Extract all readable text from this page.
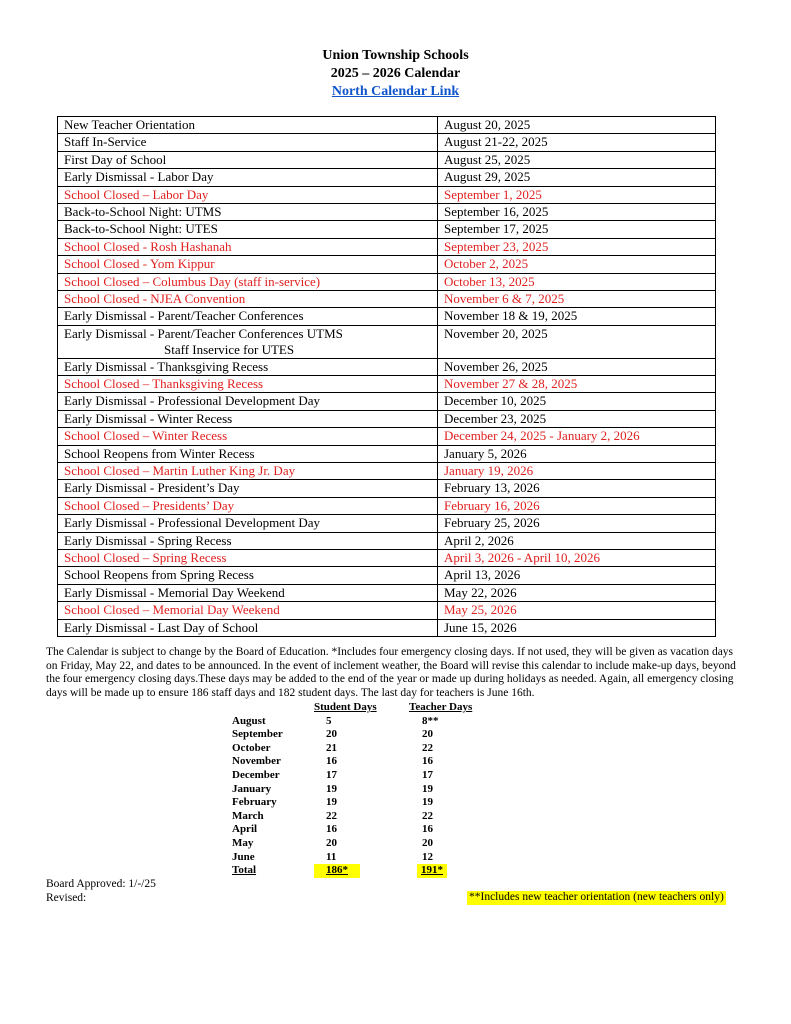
Union Township Schools
2025 – 2026 Calendar
North Calendar Link
New Teacher Orientation	August 20, 2025
Staff In-Service	August 21-22, 2025
First Day of School	August 25, 2025
Early Dismissal - Labor Day	August 29, 2025
School Closed – Labor Day	September 1, 2025
Back-to-School Night: UTMS	September 16, 2025
Back-to-School Night: UTES	September 17, 2025
School Closed - Rosh Hashanah	September 23, 2025
School Closed - Yom Kippur	October 2, 2025
School Closed – Columbus Day (staff in-service)	October 13, 2025
School Closed - NJEA Convention	November 6 & 7, 2025
Early Dismissal - Parent/Teacher Conferences	November 18 & 19, 2025
Early Dismissal - Parent/Teacher Conferences UTMS
Staff Inservice for UTES	November 20, 2025
Early Dismissal - Thanksgiving Recess	November 26, 2025
School Closed – Thanksgiving Recess	November 27 & 28, 2025
Early Dismissal - Professional Development Day	December 10, 2025
Early Dismissal - Winter Recess	December 23, 2025
School Closed – Winter Recess	December 24, 2025 - January 2, 2026
School Reopens from Winter Recess	January 5, 2026
School Closed – Martin Luther King Jr. Day	January 19, 2026
Early Dismissal - President’s Day	February 13, 2026
School Closed – Presidents’ Day	February 16, 2026
Early Dismissal - Professional Development Day	February 25, 2026
Early Dismissal - Spring Recess	April 2, 2026
School Closed – Spring Recess	April 3, 2026 - April 10, 2026
School Reopens from Spring Recess	April 13, 2026
Early Dismissal - Memorial Day Weekend	May 22, 2026
School Closed – Memorial Day Weekend	May 25, 2026
Early Dismissal - Last Day of School	June 15, 2026
The Calendar is subject to change by the Board of Education. *Includes four emergency closing days. If not used, they will be given as vacation days on Friday, May 22, and dates to be announced. In the event of inclement weather, the Board will revise this calendar to include make-up days, beyond the four emergency closing days.These days may be added to the end of the year or made up during holidays as needed. Again, all emergency closing days will be made up to ensure 186 staff days and 182 student days. The last day for teachers is June 16th.
Student Days	Teacher Days
August	5	8**
September	20	20
October	21	22
November	16	16
December	17	17
January	19	19
February	19	19
March	22	22
April	16	16
May	20	20
June	11	12
Total	186*	191*
Board Approved: 1/-/25
Revised:	**Includes new teacher orientation (new teachers only)
